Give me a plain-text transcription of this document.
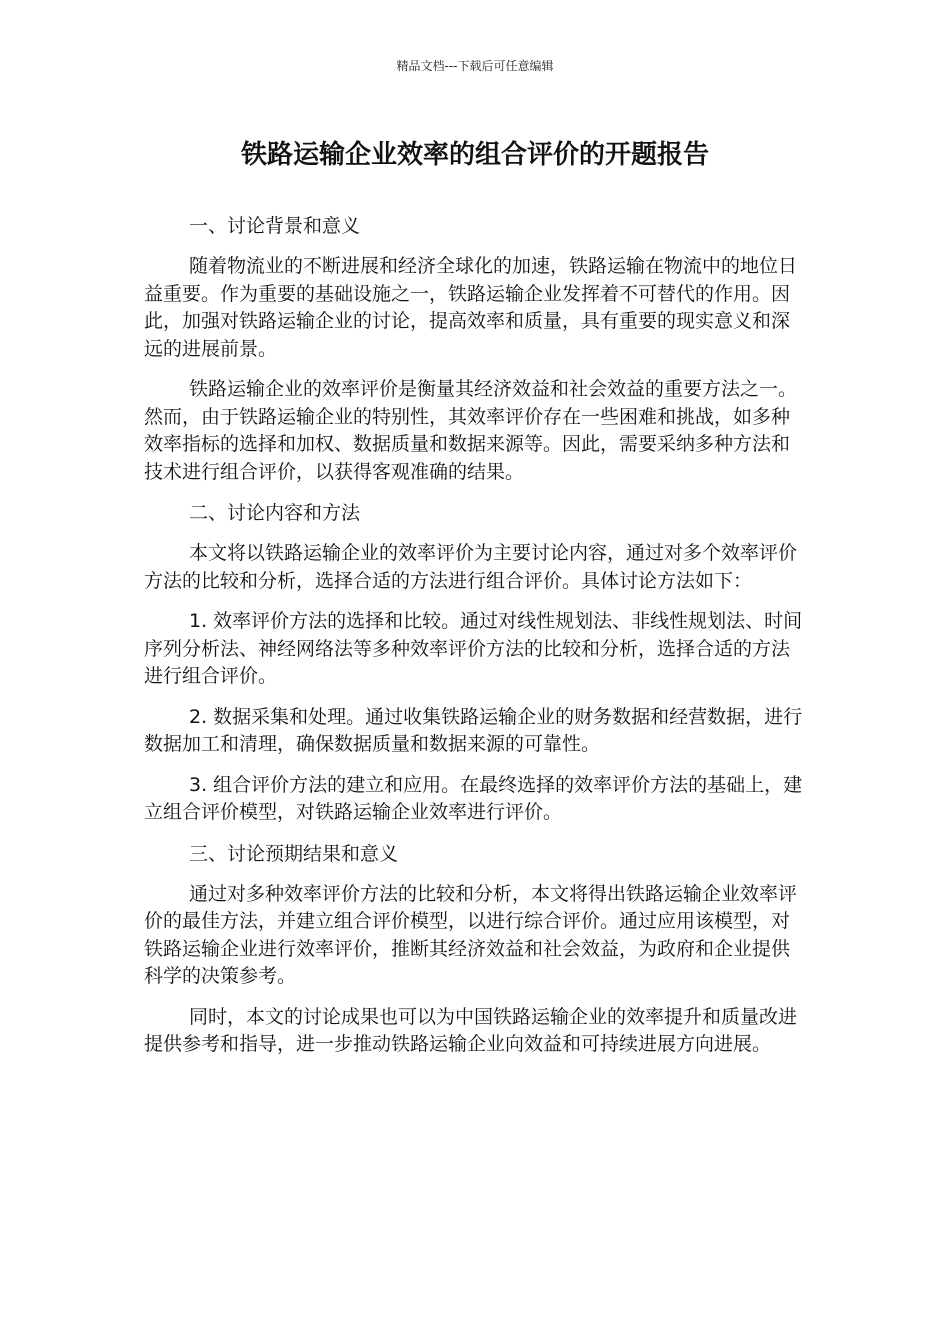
精品文档---下载后可任意编辑
铁路运输企业效率的组合评价的开题报告

一、讨论背景和意义

随着物流业的不断进展和经济全球化的加速，铁路运输在物流中的地位日益重要。作为重要的基础设施之一，铁路运输企业发挥着不可替代的作用。因此，加强对铁路运输企业的讨论，提高效率和质量，具有重要的现实意义和深远的进展前景。

铁路运输企业的效率评价是衡量其经济效益和社会效益的重要方法之一。然而，由于铁路运输企业的特别性，其效率评价存在一些困难和挑战，如多种效率指标的选择和加权、数据质量和数据来源等。因此，需要采纳多种方法和技术进行组合评价，以获得客观准确的结果。

二、讨论内容和方法

本文将以铁路运输企业的效率评价为主要讨论内容，通过对多个效率评价方法的比较和分析，选择合适的方法进行组合评价。具体讨论方法如下：

1. 效率评价方法的选择和比较。通过对线性规划法、非线性规划法、时间序列分析法、神经网络法等多种效率评价方法的比较和分析，选择合适的方法进行组合评价。

2. 数据采集和处理。通过收集铁路运输企业的财务数据和经营数据，进行数据加工和清理，确保数据质量和数据来源的可靠性。

3. 组合评价方法的建立和应用。在最终选择的效率评价方法的基础上，建立组合评价模型，对铁路运输企业效率进行评价。

三、讨论预期结果和意义

通过对多种效率评价方法的比较和分析，本文将得出铁路运输企业效率评价的最佳方法，并建立组合评价模型，以进行综合评价。通过应用该模型，对铁路运输企业进行效率评价，推断其经济效益和社会效益，为政府和企业提供科学的决策参考。

同时，本文的讨论成果也可以为中国铁路运输企业的效率提升和质量改进提供参考和指导，进一步推动铁路运输企业向效益和可持续进展方向进展。
